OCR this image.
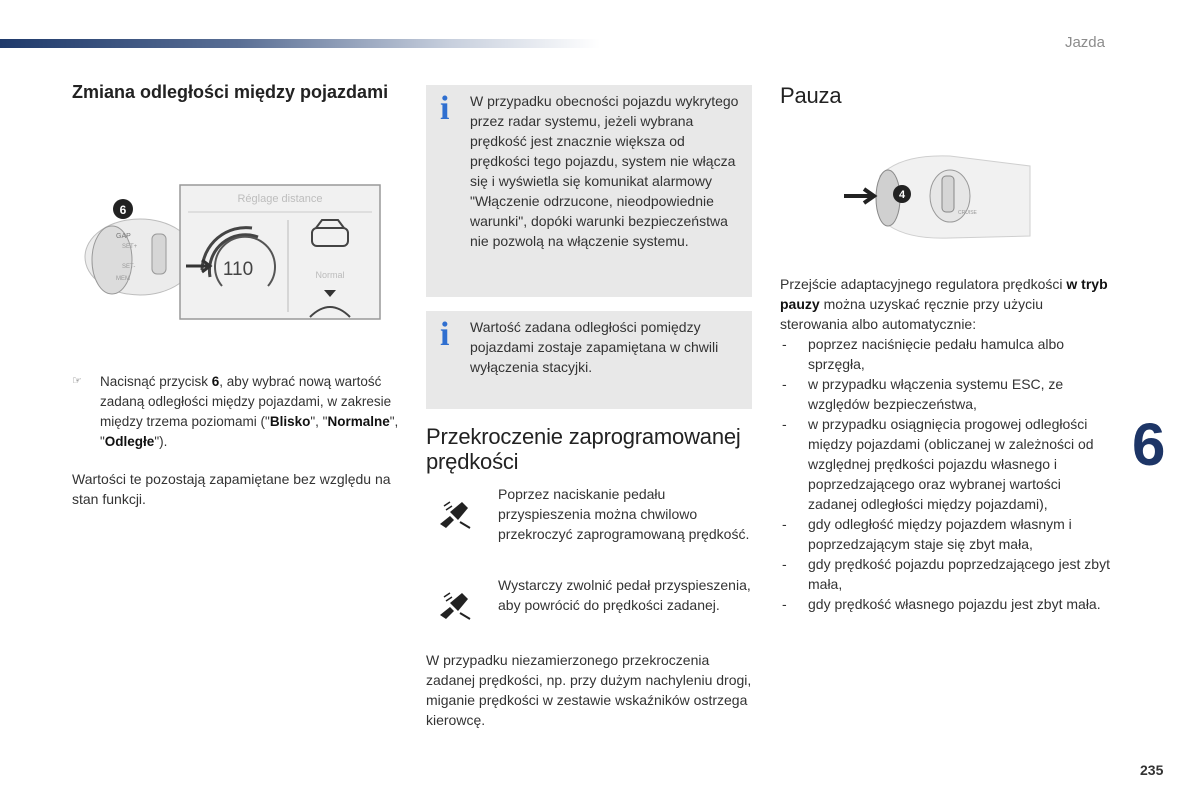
Jazda
Zmiana odległości między pojazdami
GAP
SET+
SET-
MEM
6
Réglage distance
110	Normal
☞ Nacisnąć przycisk 6, aby wybrać nową wartość zadaną odległości między pojazdami, w zakresie między trzema poziomami ("Blisko", "Normalne", "Odległe").
Wartości te pozostają zapamiętane bez względu na stan funkcji.
i W przypadku obecności pojazdu wykrytego przez radar systemu, jeżeli wybrana prędkość jest znacznie większa od prędkości tego pojazdu, system nie włącza się i wyświetla się komunikat alarmowy "Włączenie odrzucone, nieodpowiednie warunki", dopóki warunki bezpieczeństwa nie pozwolą na włączenie systemu.
i Wartość zadana odległości pomiędzy pojazdami zostaje zapamiętana w chwili wyłączenia stacyjki.
Przekroczenie zaprogramowanej prędkości
Poprzez naciskanie pedału przyspieszenia można chwilowo przekroczyć zaprogramowaną prędkość.
Wystarczy zwolnić pedał przyspieszenia, aby powrócić do prędkości zadanej.
W przypadku niezamierzonego przekroczenia zadanej prędkości, np. przy dużym nachyleniu drogi, miganie prędkości w zestawie wskaźników ostrzega kierowcę.
Pauza
CRUISE
4
Przejście adaptacyjnego regulatora prędkości w tryb pauzy można uzyskać ręcznie przy użyciu sterowania albo automatycznie:
- poprzez naciśnięcie pedału hamulca albo sprzęgła,
- w przypadku włączenia systemu ESC, ze względów bezpieczeństwa,
- w przypadku osiągnięcia progowej odległości między pojazdami (obliczanej w zależności od względnej prędkości pojazdu własnego i poprzedzającego oraz wybranej wartości zadanej odległości między pojazdami),
- gdy odległość między pojazdem własnym i poprzedzającym staje się zbyt mała,
- gdy prędkość pojazdu poprzedzającego jest zbyt mała,
- gdy prędkość własnego pojazdu jest zbyt mała.
6
235
